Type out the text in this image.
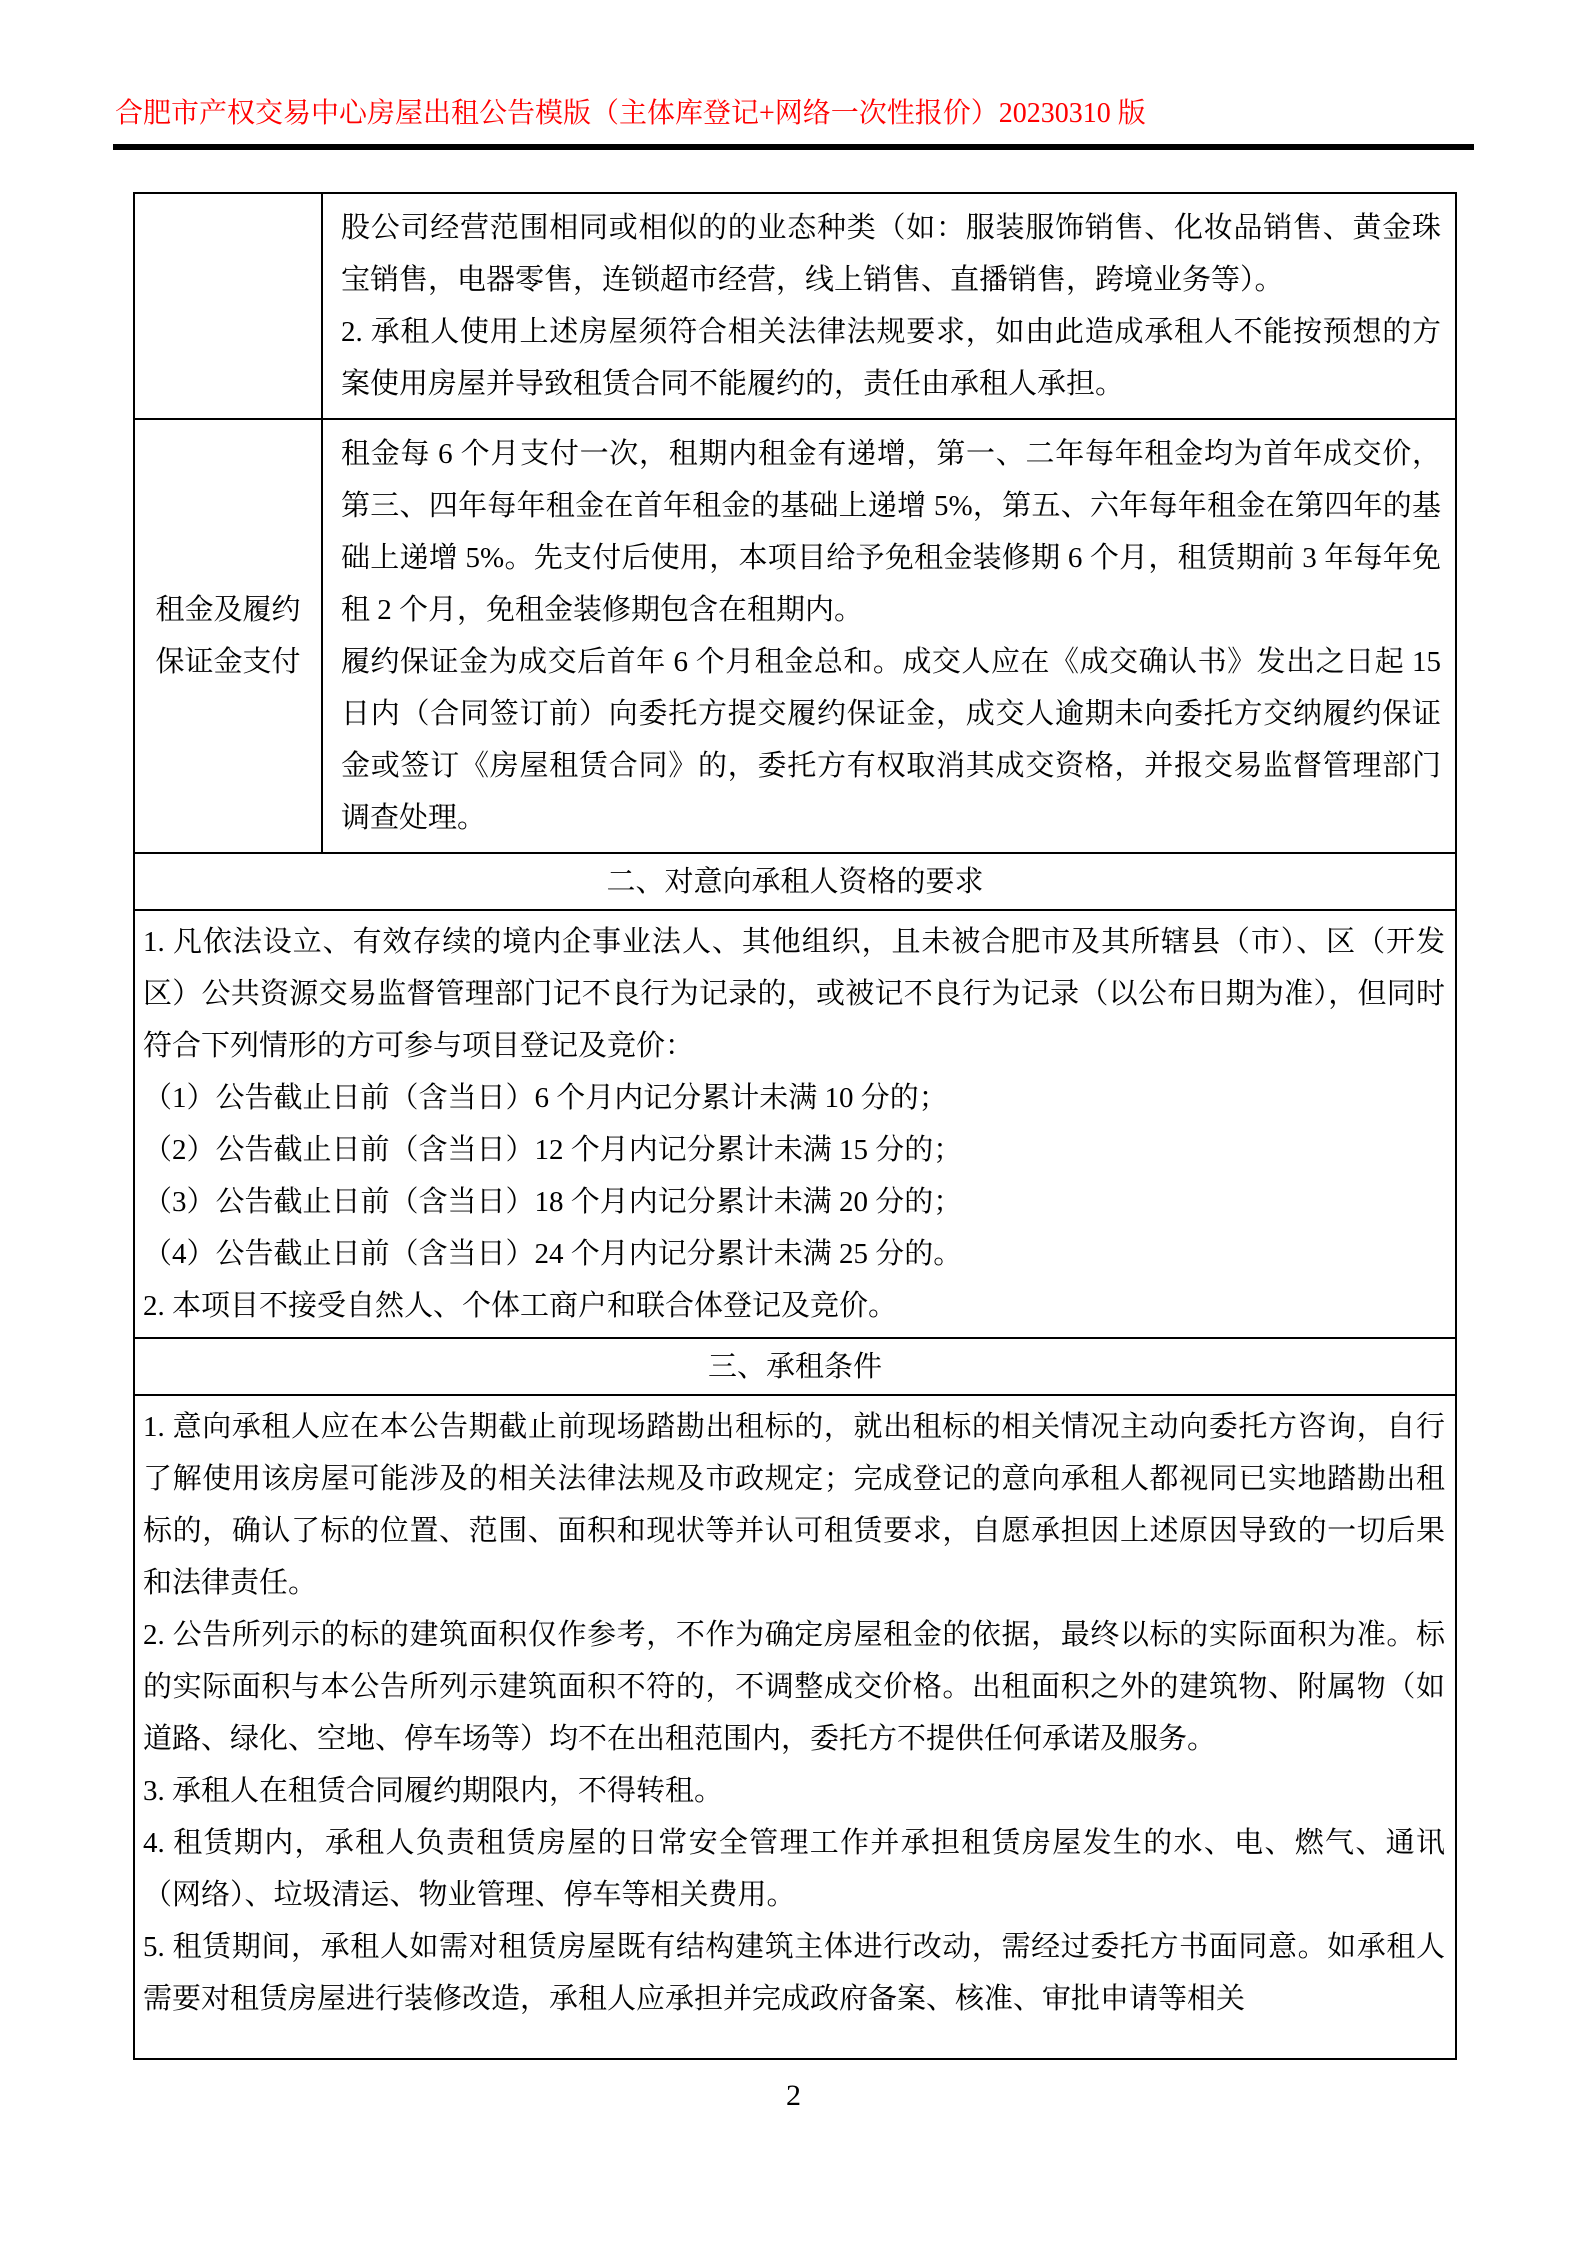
合肥市产权交易中心房屋出租公告模版（主体库登记+网络一次性报价）20230310 版

股公司经营范围相同或相似的的业态种类（如：服装服饰销售、化妆品销售、黄金珠宝销售，电器零售，连锁超市经营，线上销售、直播销售，跨境业务等）。

2. 承租人使用上述房屋须符合相关法律法规要求，如由此造成承租人不能按预想的方案使用房屋并导致租赁合同不能履约的，责任由承租人承担。

租金及履约
保证金支付

租金每 6 个月支付一次，租期内租金有递增，第一、二年每年租金均为首年成交价，第三、四年每年租金在首年租金的基础上递增 5%，第五、六年每年租金在第四年的基础上递增 5%。先支付后使用，本项目给予免租金装修期 6 个月，租赁期前 3 年每年免租 2 个月，免租金装修期包含在租期内。

履约保证金为成交后首年 6 个月租金总和。成交人应在《成交确认书》发出之日起 15 日内（合同签订前）向委托方提交履约保证金，成交人逾期未向委托方交纳履约保证金或签订《房屋租赁合同》的，委托方有权取消其成交资格，并报交易监督管理部门调查处理。

二、对意向承租人资格的要求

1. 凡依法设立、有效存续的境内企事业法人、其他组织，且未被合肥市及其所辖县（市）、区（开发区）公共资源交易监督管理部门记不良行为记录的，或被记不良行为记录（以公布日期为准），但同时符合下列情形的方可参与项目登记及竞价：

（1）公告截止日前（含当日）6 个月内记分累计未满 10 分的；

（2）公告截止日前（含当日）12 个月内记分累计未满 15 分的；

（3）公告截止日前（含当日）18 个月内记分累计未满 20 分的；

（4）公告截止日前（含当日）24 个月内记分累计未满 25 分的。

2. 本项目不接受自然人、个体工商户和联合体登记及竞价。

三、承租条件

1. 意向承租人应在本公告期截止前现场踏勘出租标的，就出租标的相关情况主动向委托方咨询，自行了解使用该房屋可能涉及的相关法律法规及市政规定；完成登记的意向承租人都视同已实地踏勘出租标的，确认了标的位置、范围、面积和现状等并认可租赁要求，自愿承担因上述原因导致的一切后果和法律责任。

2. 公告所列示的标的建筑面积仅作参考，不作为确定房屋租金的依据，最终以标的实际面积为准。标的实际面积与本公告所列示建筑面积不符的，不调整成交价格。出租面积之外的建筑物、附属物（如道路、绿化、空地、停车场等）均不在出租范围内，委托方不提供任何承诺及服务。

3. 承租人在租赁合同履约期限内，不得转租。

4. 租赁期内，承租人负责租赁房屋的日常安全管理工作并承担租赁房屋发生的水、电、燃气、通讯（网络）、垃圾清运、物业管理、停车等相关费用。

5. 租赁期间，承租人如需对租赁房屋既有结构建筑主体进行改动，需经过委托方书面同意。如承租人需要对租赁房屋进行装修改造，承租人应承担并完成政府备案、核准、审批申请等相关

2
